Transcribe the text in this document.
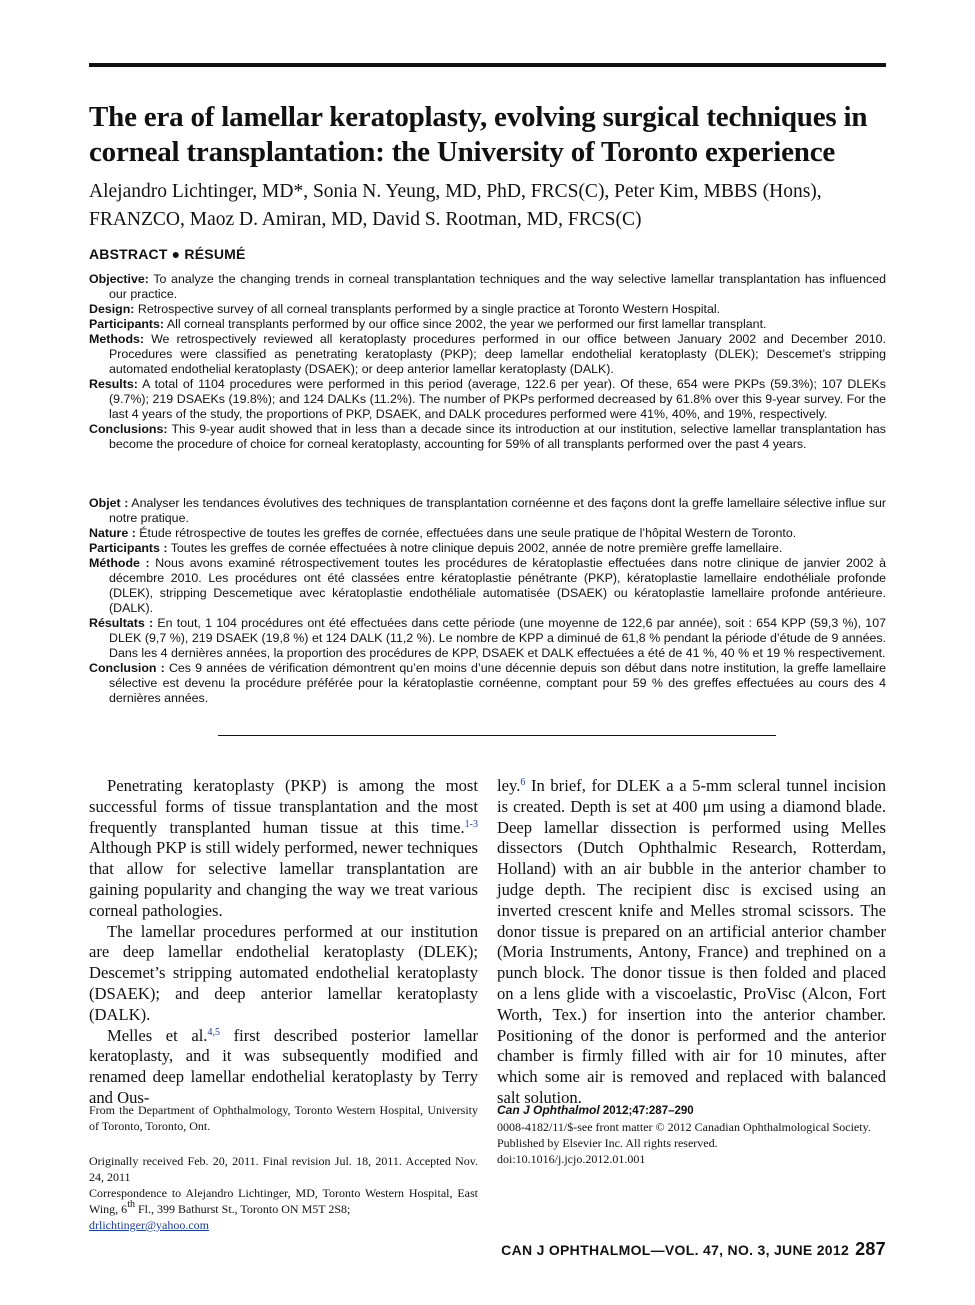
The era of lamellar keratoplasty, evolving surgical techniques in corneal transplantation: the University of Toronto experience

Alejandro Lichtinger, MD*, Sonia N. Yeung, MD, PhD, FRCS(C), Peter Kim, MBBS (Hons), FRANZCO, Maoz D. Amiran, MD, David S. Rootman, MD, FRCS(C)

ABSTRACT ● RÉSUMÉ

Objective: To analyze the changing trends in corneal transplantation techniques and the way selective lamellar transplantation has influenced our practice.

Design: Retrospective survey of all corneal transplants performed by a single practice at Toronto Western Hospital.

Participants: All corneal transplants performed by our office since 2002, the year we performed our first lamellar transplant.

Methods: We retrospectively reviewed all keratoplasty procedures performed in our office between January 2002 and December 2010. Procedures were classified as penetrating keratoplasty (PKP); deep lamellar endothelial keratoplasty (DLEK); Descemet’s stripping automated endothelial keratoplasty (DSAEK); or deep anterior lamellar keratoplasty (DALK).

Results: A total of 1104 procedures were performed in this period (average, 122.6 per year). Of these, 654 were PKPs (59.3%); 107 DLEKs (9.7%); 219 DSAEKs (19.8%); and 124 DALKs (11.2%). The number of PKPs performed decreased by 61.8% over this 9-year survey. For the last 4 years of the study, the proportions of PKP, DSAEK, and DALK procedures performed were 41%, 40%, and 19%, respectively.

Conclusions: This 9-year audit showed that in less than a decade since its introduction at our institution, selective lamellar transplantation has become the procedure of choice for corneal keratoplasty, accounting for 59% of all transplants performed over the past 4 years.

Objet : Analyser les tendances évolutives des techniques de transplantation cornéenne et des façons dont la greffe lamellaire sélective influe sur notre pratique.

Nature : Étude rétrospective de toutes les greffes de cornée, effectuées dans une seule pratique de l’hôpital Western de Toronto.

Participants : Toutes les greffes de cornée effectuées à notre clinique depuis 2002, année de notre première greffe lamellaire.

Méthode : Nous avons examiné rétrospectivement toutes les procédures de kératoplastie effectuées dans notre clinique de janvier 2002 à décembre 2010. Les procédures ont été classées entre kératoplastie pénétrante (PKP), kératoplastie lamellaire endothéliale profonde (DLEK), stripping Descemetique avec kératoplastie endothéliale automatisée (DSAEK) ou kératoplastie lamellaire profonde antérieure. (DALK).

Résultats : En tout, 1 104 procédures ont été effectuées dans cette période (une moyenne de 122,6 par année), soit : 654 KPP (59,3 %), 107 DLEK (9,7 %), 219 DSAEK (19,8 %) et 124 DALK (11,2 %). Le nombre de KPP a diminué de 61,8 % pendant la période d’étude de 9 années. Dans les 4 dernières années, la proportion des procédures de KPP, DSAEK et DALK effectuées a été de 41 %, 40 % et 19 % respectivement.

Conclusion : Ces 9 années de vérification démontrent qu’en moins d’une décennie depuis son début dans notre institution, la greffe lamellaire sélective est devenu la procédure préférée pour la kératoplastie cornéenne, comptant pour 59 % des greffes effectuées au cours des 4 dernières années.

Penetrating keratoplasty (PKP) is among the most successful forms of tissue transplantation and the most frequently transplanted human tissue at this time.$^{1-3}$ Although PKP is still widely performed, newer techniques that allow for selective lamellar transplantation are gaining popularity and changing the way we treat various corneal pathologies.

The lamellar procedures performed at our institution are deep lamellar endothelial keratoplasty (DLEK); Descemet’s stripping automated endothelial keratoplasty (DSAEK); and deep anterior lamellar keratoplasty (DALK).

Melles et al.$^{4,5}$ first described posterior lamellar keratoplasty, and it was subsequently modified and renamed deep lamellar endothelial keratoplasty by Terry and Ous-

ley.$^6$ In brief, for DLEK a a 5-mm scleral tunnel incision is created. Depth is set at 400 μm using a diamond blade. Deep lamellar dissection is performed using Melles dissectors (Dutch Ophthalmic Research, Rotterdam, Holland) with an air bubble in the anterior chamber to judge depth. The recipient disc is excised using an inverted crescent knife and Melles stromal scissors. The donor tissue is prepared on an artificial anterior chamber (Moria Instruments, Antony, France) and trephined on a punch block. The donor tissue is then folded and placed on a lens glide with a viscoelastic, ProVisc (Alcon, Fort Worth, Tex.) for insertion into the anterior chamber. Positioning of the donor is performed and the anterior chamber is firmly filled with air for 10 minutes, after which some air is removed and replaced with balanced salt solution.

From the Department of Ophthalmology, Toronto Western Hospital, University of Toronto, Toronto, Ont.

Originally received Feb. 20, 2011. Final revision Jul. 18, 2011. Accepted Nov. 24, 2011

Correspondence to Alejandro Lichtinger, MD, Toronto Western Hospital, East Wing, 6th Fl., 399 Bathurst St., Toronto ON M5T 2S8;

drlichtinger@yahoo.com

Can J Ophthalmol 2012;47:287–290

0008-4182/11/$-see front matter © 2012 Canadian Ophthalmological Society. Published by Elsevier Inc. All rights reserved.

doi:10.1016/j.jcjo.2012.01.001

CAN J OPHTHALMOL—VOL. 47, NO. 3, JUNE 2012 287
